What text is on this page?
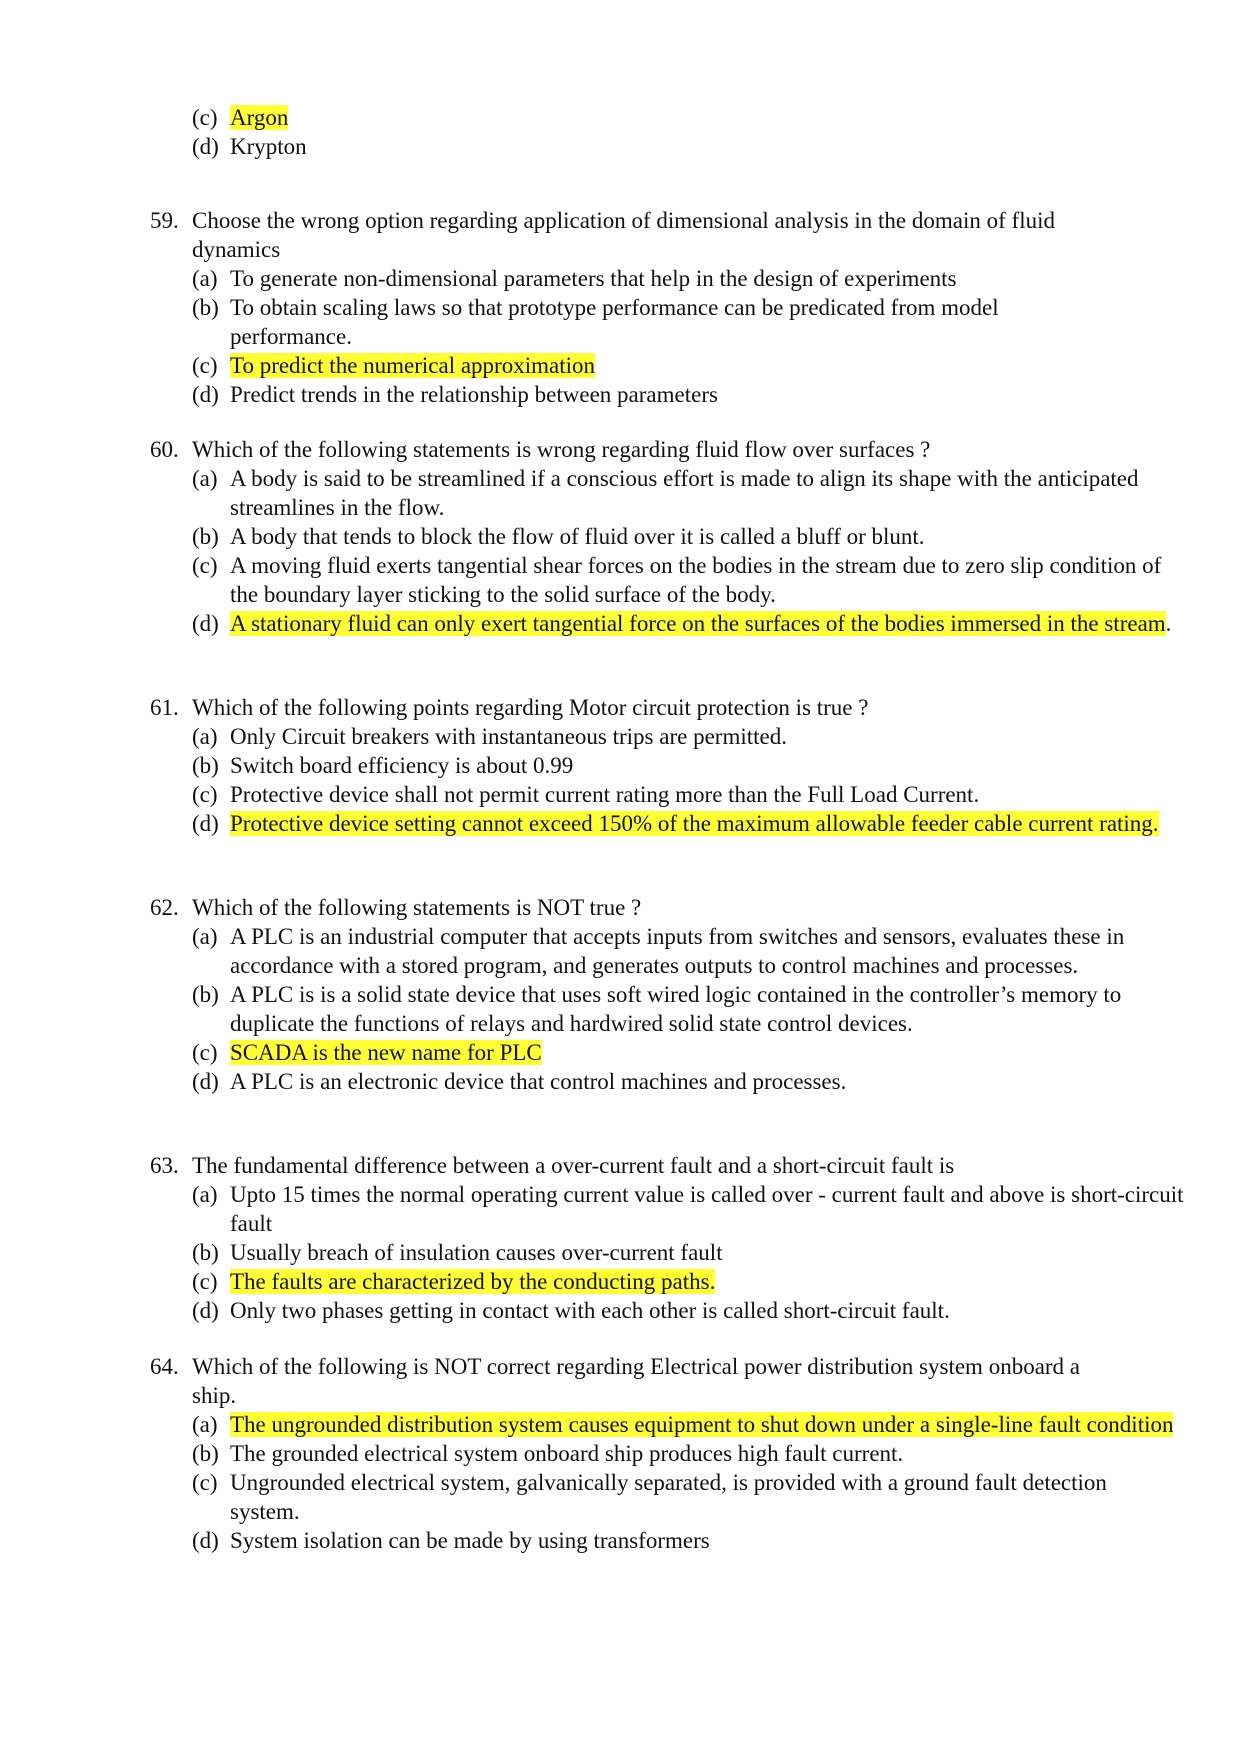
(c) Argon
(d) Krypton
59. Choose the wrong option regarding application of dimensional analysis in the domain of fluid dynamics
(a) To generate non-dimensional parameters that help in the design of experiments
(b) To obtain scaling laws so that prototype performance can be predicated from model performance.
(c) To predict the numerical approximation
(d) Predict trends in the relationship between parameters
60. Which of the following statements is wrong regarding fluid flow over surfaces ?
(a) A body is said to be streamlined if a conscious effort is made to align its shape with the anticipated streamlines in the flow.
(b) A body that tends to block the flow of fluid over it is called a bluff or blunt.
(c) A moving fluid exerts tangential shear forces on the bodies in the stream due to zero slip condition of the boundary layer sticking to the solid surface of the body.
(d) A stationary fluid can only exert tangential force on the surfaces of the bodies immersed in the stream.
61. Which of the following points regarding Motor circuit protection is true ?
(a) Only Circuit breakers with instantaneous trips are permitted.
(b) Switch board efficiency is about 0.99
(c) Protective device shall not permit current rating more than the Full Load Current.
(d) Protective device setting cannot exceed 150% of the maximum allowable feeder cable current rating.
62. Which of the following statements is NOT true ?
(a) A PLC is an industrial computer that accepts inputs from switches and sensors, evaluates these in accordance with a stored program, and generates outputs to control machines and processes.
(b) A PLC is is a solid state device that uses soft wired logic contained in the controller’s memory to duplicate the functions of relays and hardwired solid state control devices.
(c) SCADA is the new name for PLC
(d) A PLC is an electronic device that control machines and processes.
63. The fundamental difference between a over-current fault and a short-circuit fault is
(a) Upto 15 times the normal operating current value is called over - current fault and above is short-circuit fault
(b) Usually breach of insulation causes over-current fault
(c) The faults are characterized by the conducting paths.
(d) Only two phases getting in contact with each other is called short-circuit fault.
64. Which of the following is NOT correct regarding Electrical power distribution system onboard a ship.
(a) The ungrounded distribution system causes equipment to shut down under a single-line fault condition
(b) The grounded electrical system onboard ship produces high fault current.
(c) Ungrounded electrical system, galvanically separated, is provided with a ground fault detection system.
(d) System isolation can be made by using transformers
